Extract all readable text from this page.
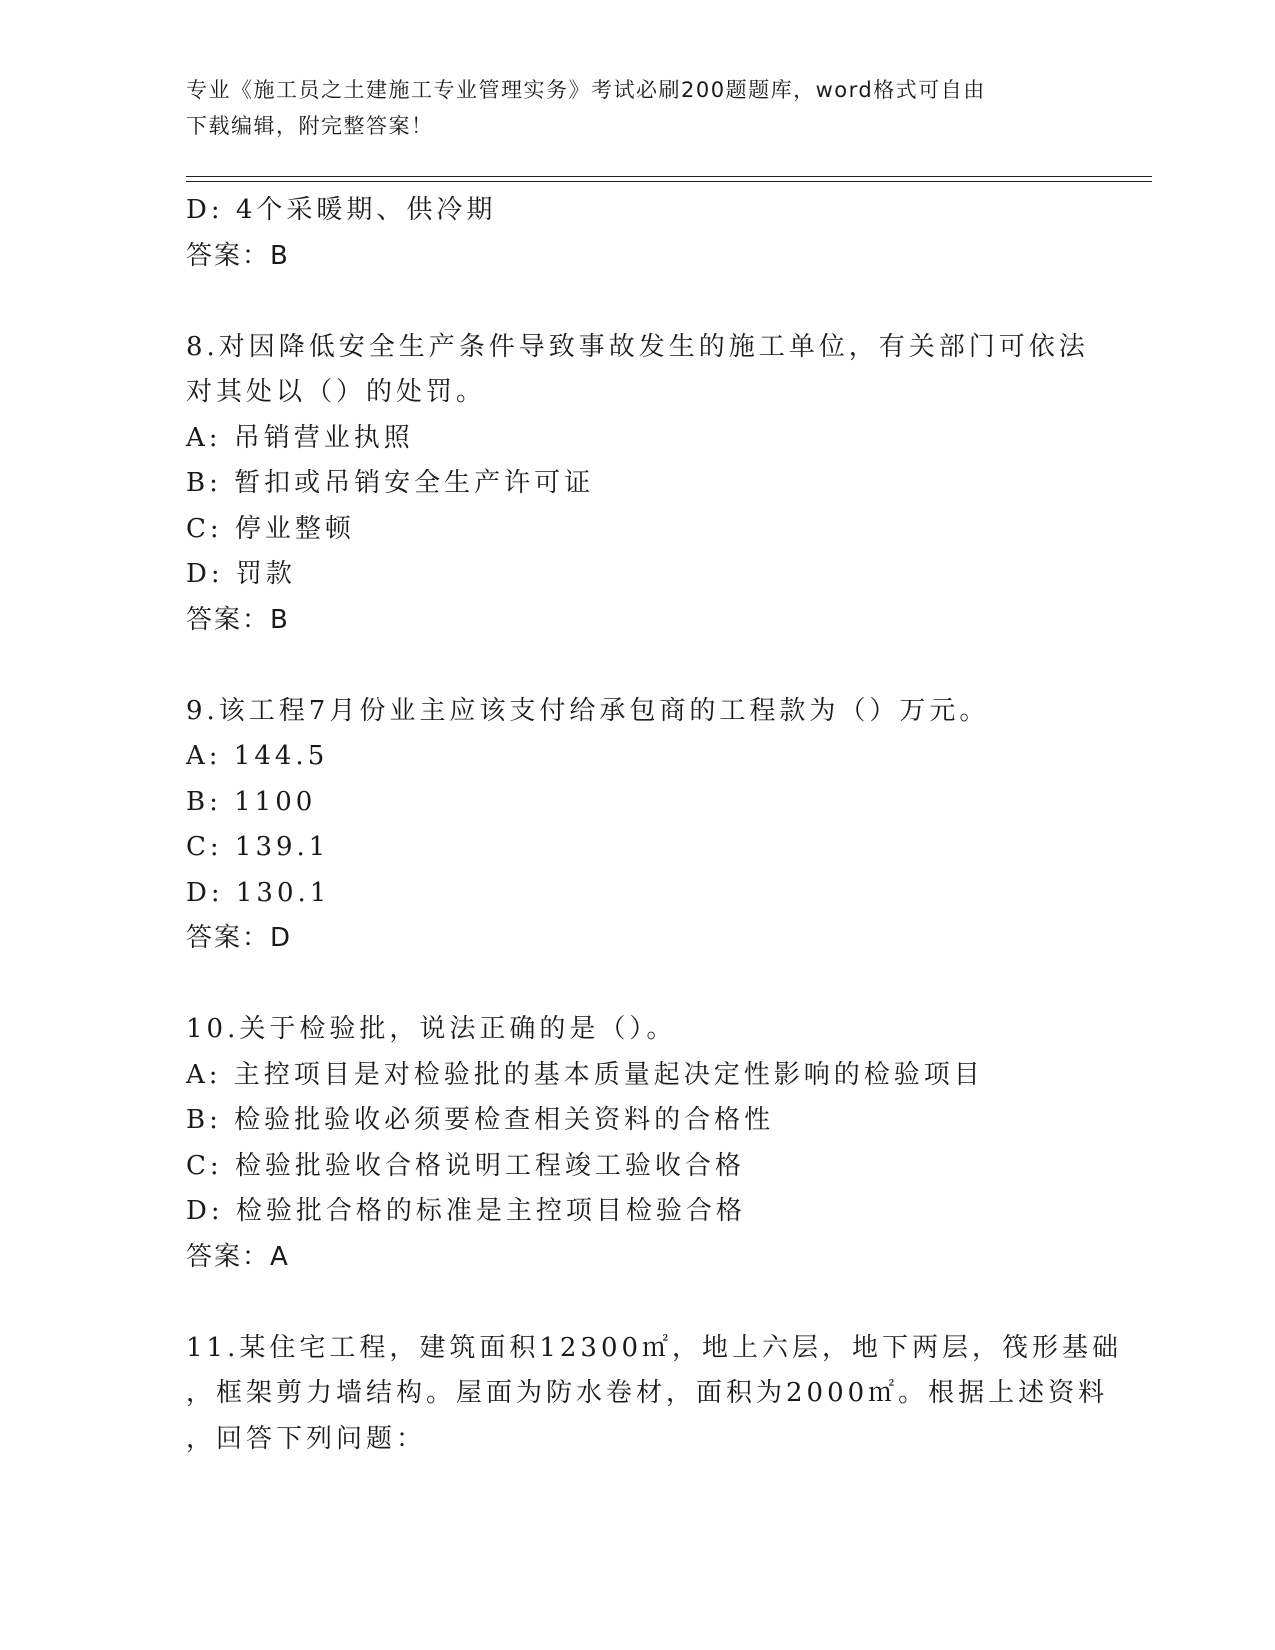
专业《施工员之土建施工专业管理实务》考试必刷200题题库，word格式可自由
下载编辑，附完整答案！
D: 4个采暖期、供冷期
答案：B
8.对因降低安全生产条件导致事故发生的施工单位，有关部门可依法
对其处以（）的处罚。
A: 吊销营业执照
B: 暂扣或吊销安全生产许可证
C: 停业整顿
D: 罚款
答案：B
9.该工程7月份业主应该支付给承包商的工程款为（）万元。
A: 144.5
B: 1100
C: 139.1
D: 130.1
答案：D
10.关于检验批，说法正确的是（）。
A: 主控项目是对检验批的基本质量起决定性影响的检验项目
B: 检验批验收必须要检查相关资料的合格性
C: 检验批验收合格说明工程竣工验收合格
D: 检验批合格的标准是主控项目检验合格
答案：A
11.某住宅工程，建筑面积12300㎡，地上六层，地下两层，筏形基础
，框架剪力墙结构。屋面为防水卷材，面积为2000㎡。根据上述资料
，回答下列问题：
